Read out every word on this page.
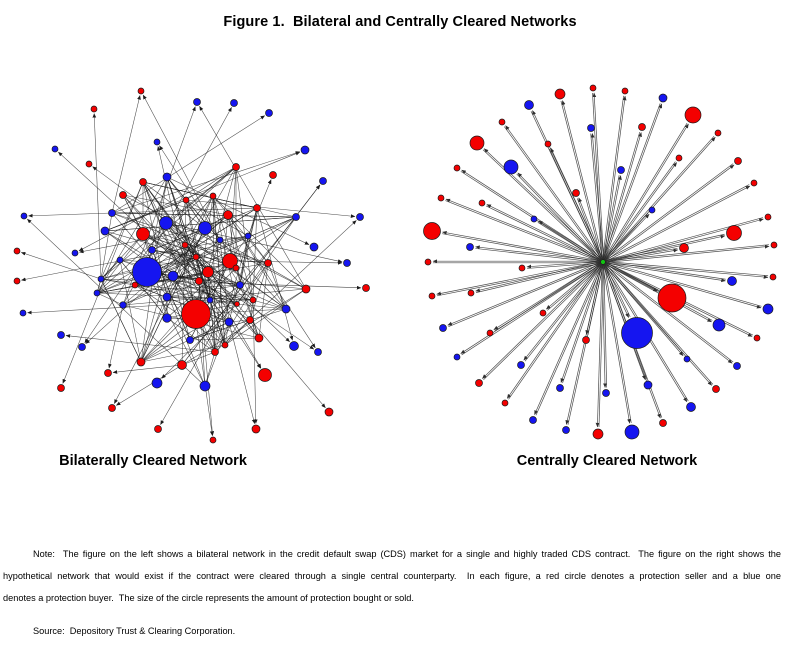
Figure 1.  Bilateral and Centrally Cleared Networks
Bilaterally Cleared Network	Centrally Cleared Network
Note:  The figure on the left shows a bilateral network in the credit default swap (CDS) market for a single and highly traded CDS contract.  The figure on the right shows the
hypothetical network that would exist if the contract were cleared through a single central counterparty.  In each figure, a red circle denotes a protection seller and a blue one
denotes a protection buyer.  The size of the circle represents the amount of protection bought or sold.
Source:  Depository Trust & Clearing Corporation.
